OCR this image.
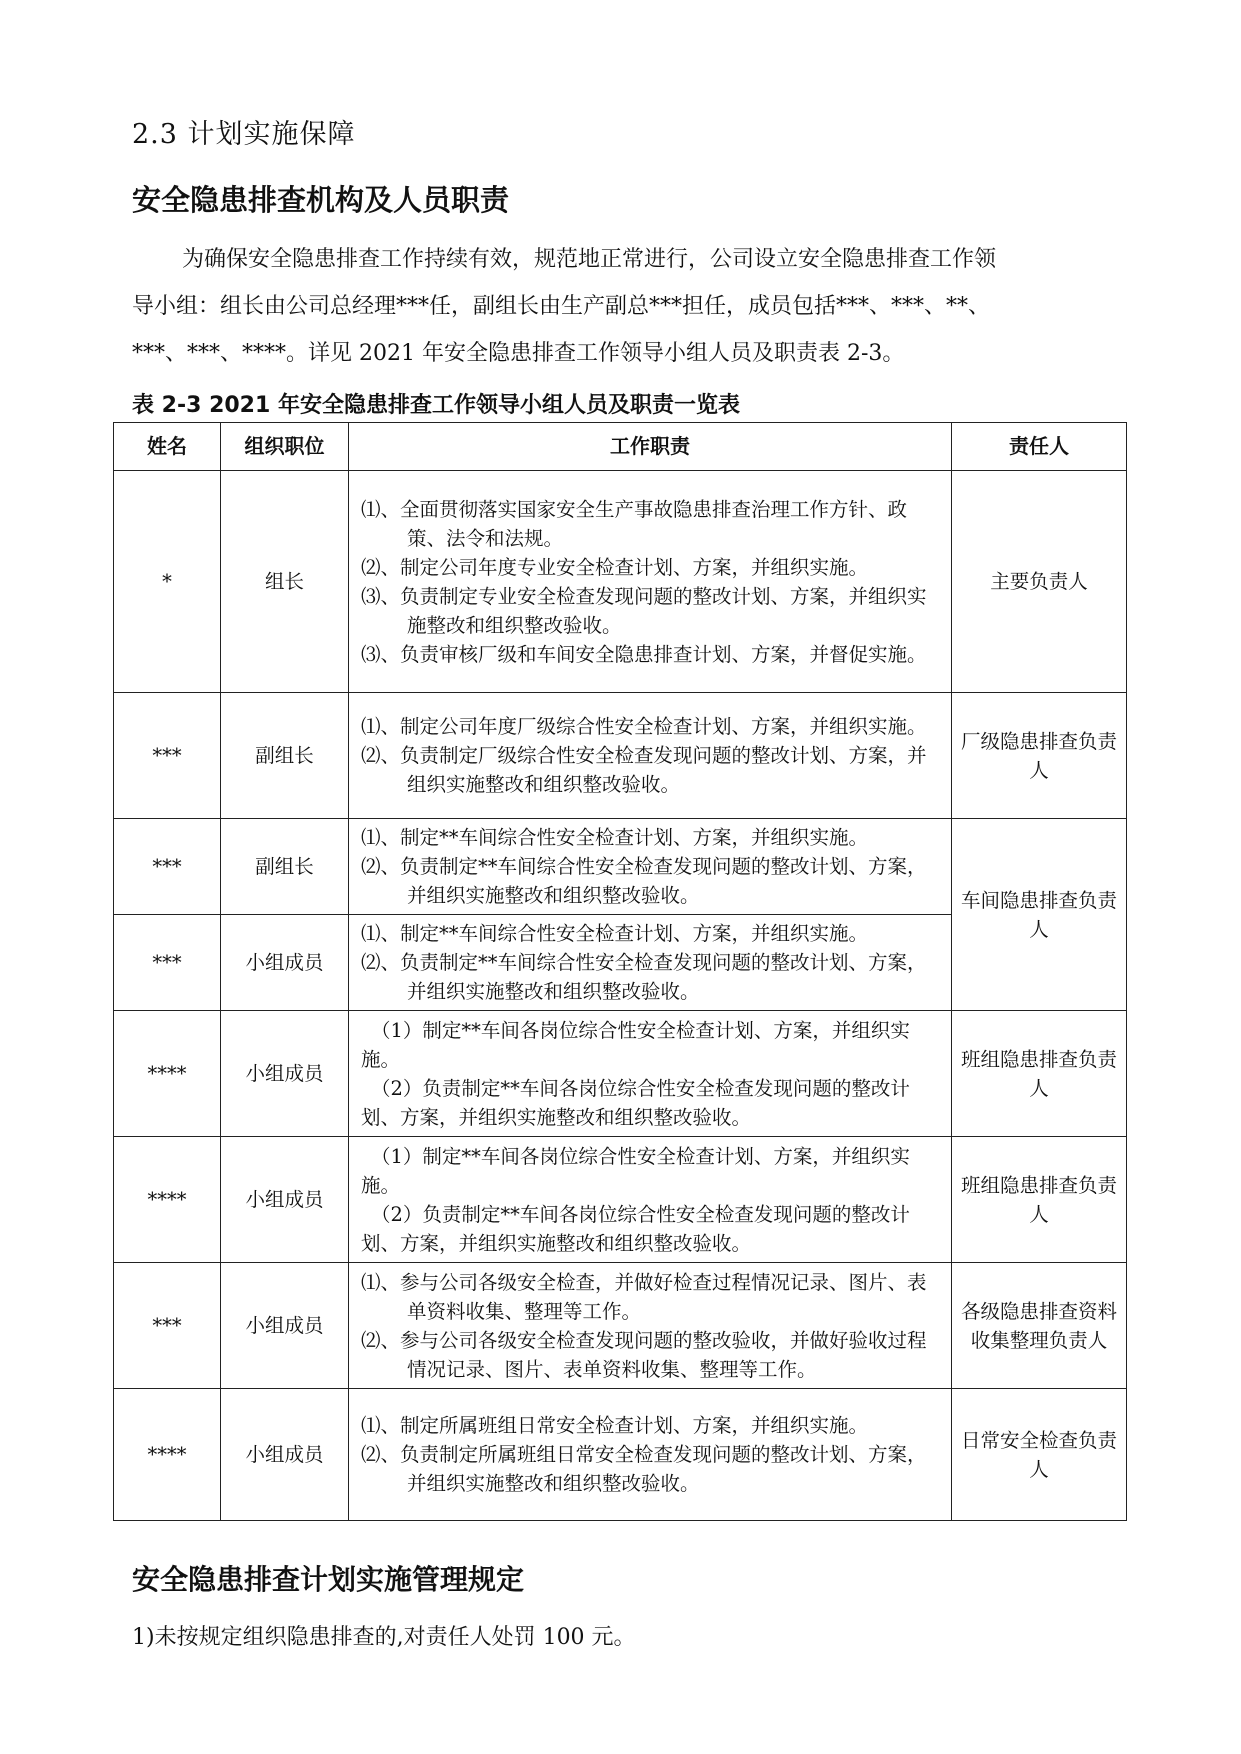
2.3 计划实施保障
安全隐患排查机构及人员职责
为确保安全隐患排查工作持续有效，规范地正常进行，公司设立安全隐患排查工作领
导小组：组长由公司总经理***任，副组长由生产副总***担任，成员包括***、***、**、
***、***、****。详见 2021 年安全隐患排查工作领导小组人员及职责表 2-3。
表 2-3 2021 年安全隐患排查工作领导小组人员及职责一览表
姓名	组织职位	工作职责	责任人
*	组长	⑴、全面贯彻落实国家安全生产事故隐患排查治理工作方针、政策、法令和法规。
⑵、制定公司年度专业安全检查计划、方案，并组织实施。
⑶、负责制定专业安全检查发现问题的整改计划、方案，并组织实施整改和组织整改验收。
⑶、负责审核厂级和车间安全隐患排查计划、方案，并督促实施。	主要负责人
***	副组长	⑴、制定公司年度厂级综合性安全检查计划、方案，并组织实施。
⑵、负责制定厂级综合性安全检查发现问题的整改计划、方案，并组织实施整改和组织整改验收。	厂级隐患排查负责人
***	副组长	⑴、制定**车间综合性安全检查计划、方案，并组织实施。
⑵、负责制定**车间综合性安全检查发现问题的整改计划、方案，并组织实施整改和组织整改验收。	车间隐患排查负责人
***	小组成员	⑴、制定**车间综合性安全检查计划、方案，并组织实施。
⑵、负责制定**车间综合性安全检查发现问题的整改计划、方案，并组织实施整改和组织整改验收。	

****	小组成员	（1）制定**车间各岗位综合性安全检查计划、方案，并组织实施。
（2）负责制定**车间各岗位综合性安全检查发现问题的整改计划、方案，并组织实施整改和组织整改验收。	班组隐患排查负责人
****	小组成员	（1）制定**车间各岗位综合性安全检查计划、方案，并组织实施。
（2）负责制定**车间各岗位综合性安全检查发现问题的整改计划、方案，并组织实施整改和组织整改验收。	班组隐患排查负责人
***	小组成员	⑴、参与公司各级安全检查，并做好检查过程情况记录、图片、表单资料收集、整理等工作。
⑵、参与公司各级安全检查发现问题的整改验收，并做好验收过程情况记录、图片、表单资料收集、整理等工作。	各级隐患排查资料收集整理负责人
****	小组成员	⑴、制定所属班组日常安全检查计划、方案，并组织实施。
⑵、负责制定所属班组日常安全检查发现问题的整改计划、方案，并组织实施整改和组织整改验收。	日常安全检查负责人
安全隐患排查计划实施管理规定
1)未按规定组织隐患排查的,对责任人处罚 100 元。
